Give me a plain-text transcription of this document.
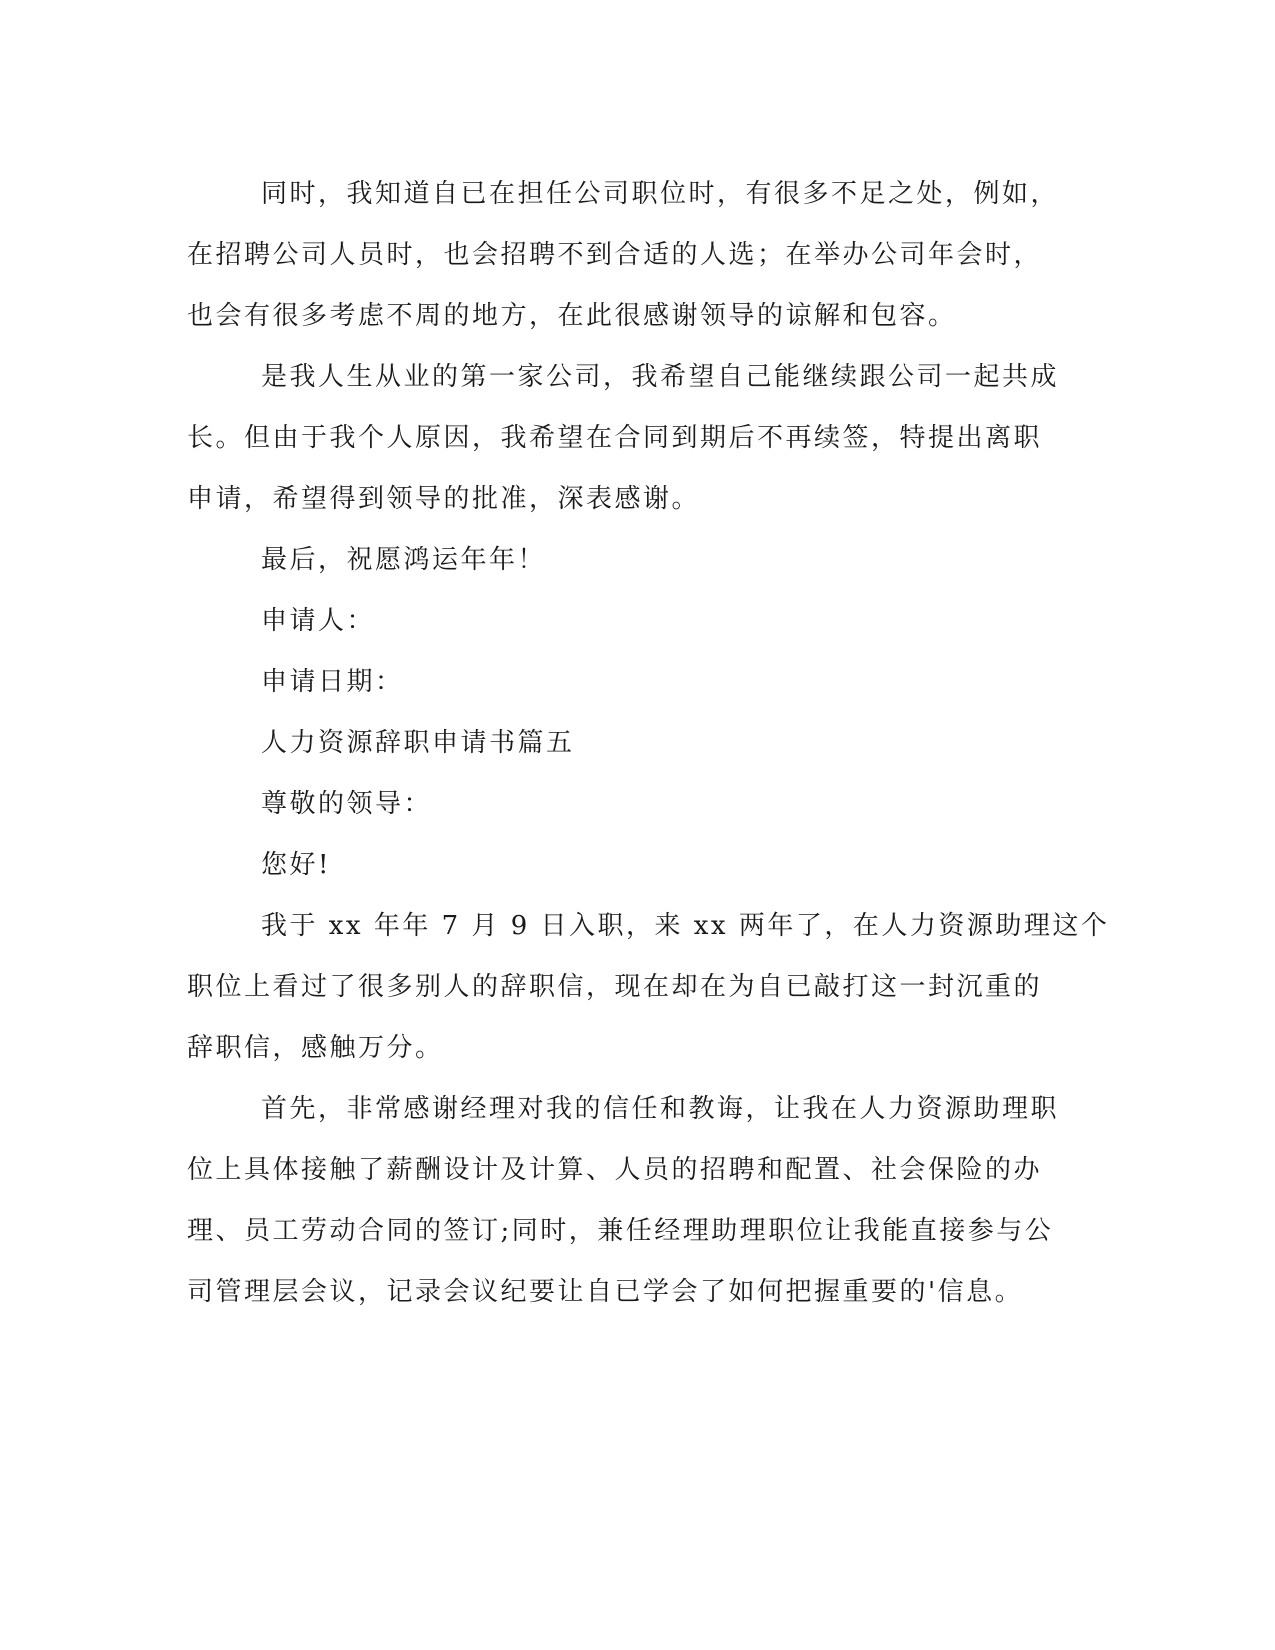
同时，我知道自已在担任公司职位时，有很多不足之处，例如，
在招聘公司人员时，也会招聘不到合适的人选；在举办公司年会时，
也会有很多考虑不周的地方，在此很感谢领导的谅解和包容。

是我人生从业的第一家公司，我希望自己能继续跟公司一起共成
长。但由于我个人原因，我希望在合同到期后不再续签，特提出离职
申请，希望得到领导的批准，深表感谢。

最后，祝愿鸿运年年！

申请人：

申请日期：

人力资源辞职申请书篇五

尊敬的领导：

您好!

我于 xx 年年 7 月 9 日入职，来 xx 两年了，在人力资源助理这个
职位上看过了很多别人的辞职信，现在却在为自已敲打这一封沉重的
辞职信，感触万分。

首先，非常感谢经理对我的信任和教诲，让我在人力资源助理职
位上具体接触了薪酬设计及计算、人员的招聘和配置、社会保险的办
理、员工劳动合同的签订;同时，兼任经理助理职位让我能直接参与公
司管理层会议，记录会议纪要让自已学会了如何把握重要的'信息。
